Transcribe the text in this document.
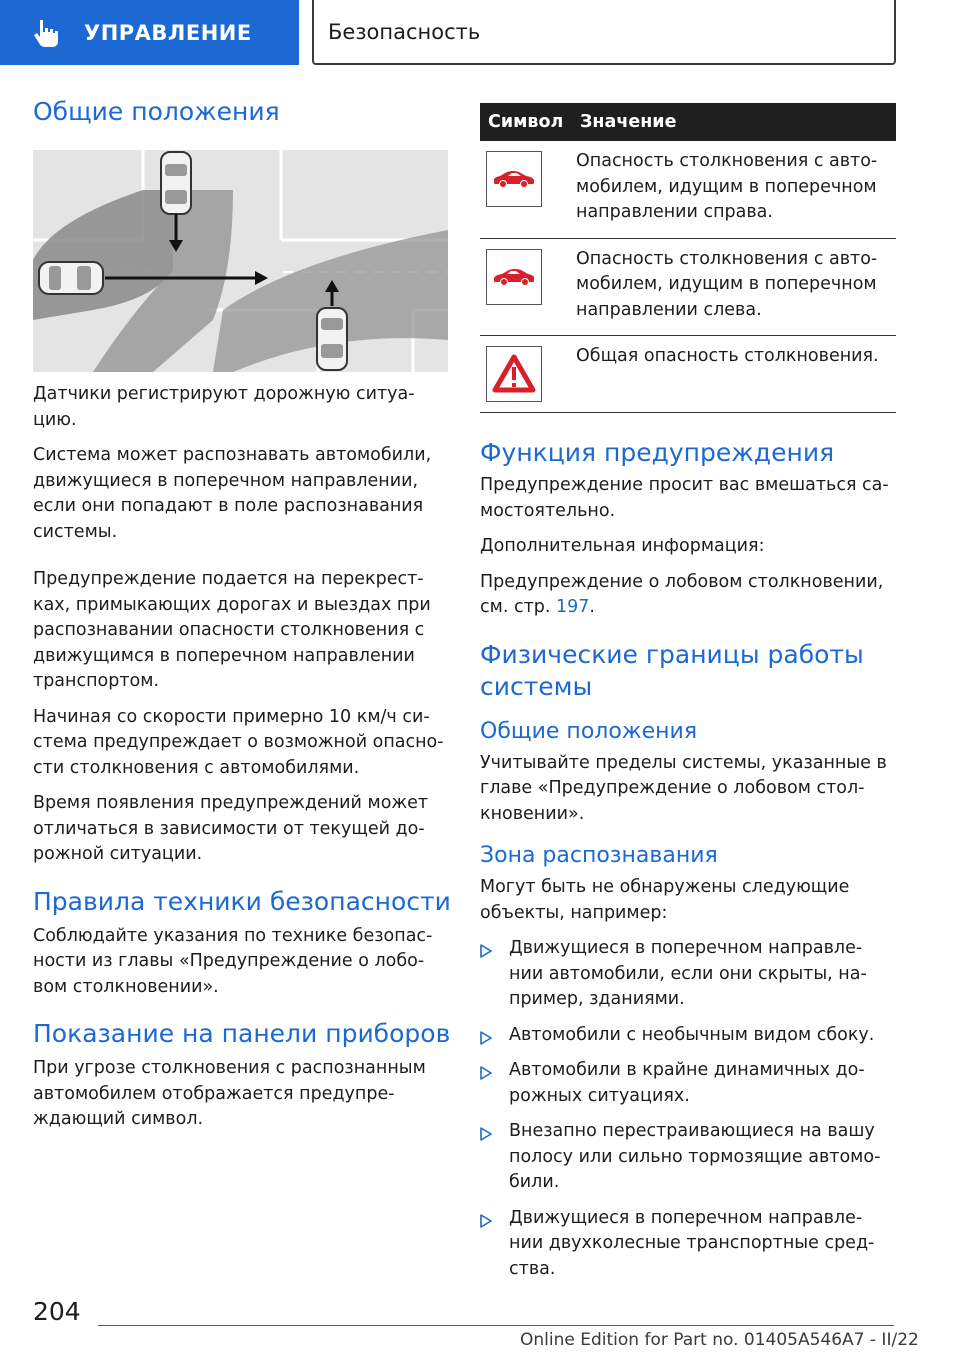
УПРАВЛЕНИЕ	Безопасность
Общие положения

Датчики регистрируют дорожную ситуа-цию.

Система может распознавать автомобили, движущиеся в поперечном направлении, если они попадают в поле распознавания системы.

Предупреждение подается на перекрест-ках, примыкающих дорогах и выездах при распознавании опасности столкновения с движущимся в поперечном направлении транспортом.

Начиная со скорости примерно 10 км/ч си-стема предупреждает о возможной опасно-сти столкновения с автомобилями.

Время появления предупреждений может отличаться в зависимости от текущей до-рожной ситуации.

Правила техники безопасности

Соблюдайте указания по технике безопас-ности из главы «Предупреждение о лобо-вом столкновении».

Показание на панели приборов

При угрозе столкновения с распознанным автомобилем отображается предупре-ждающий символ.

Символ	Значение

	Опасность столкновения с авто-мобилем, идущим в поперечном направлении справа.

	Опасность столкновения с авто-мобилем, идущим в поперечном направлении слева.

	Общая опасность столкновения.
Функция предупреждения

Предупреждение просит вас вмешаться са-мостоятельно.

Дополнительная информация:

Предупреждение о лобовом столкновении, см. стр. 197.

Физические границы работы системы
Общие положения

Учитывайте пределы системы, указанные в главе «Предупреждение о лобовом стол-кновении».

Зона распознавания

Могут быть не обнаружены следующие объекты, например:

Движущиеся в поперечном направле-нии автомобили, если они скрыты, на-пример, зданиями.
Автомобили с необычным видом сбоку.
Автомобили в крайне динамичных до-рожных ситуациях.
Внезапно перестраивающиеся на вашу полосу или сильно тормозящие автомо-били.
Движущиеся в поперечном направле-нии двухколесные транспортные сред-ства.
204
Online Edition for Part no. 01405A546A7 - II/22
